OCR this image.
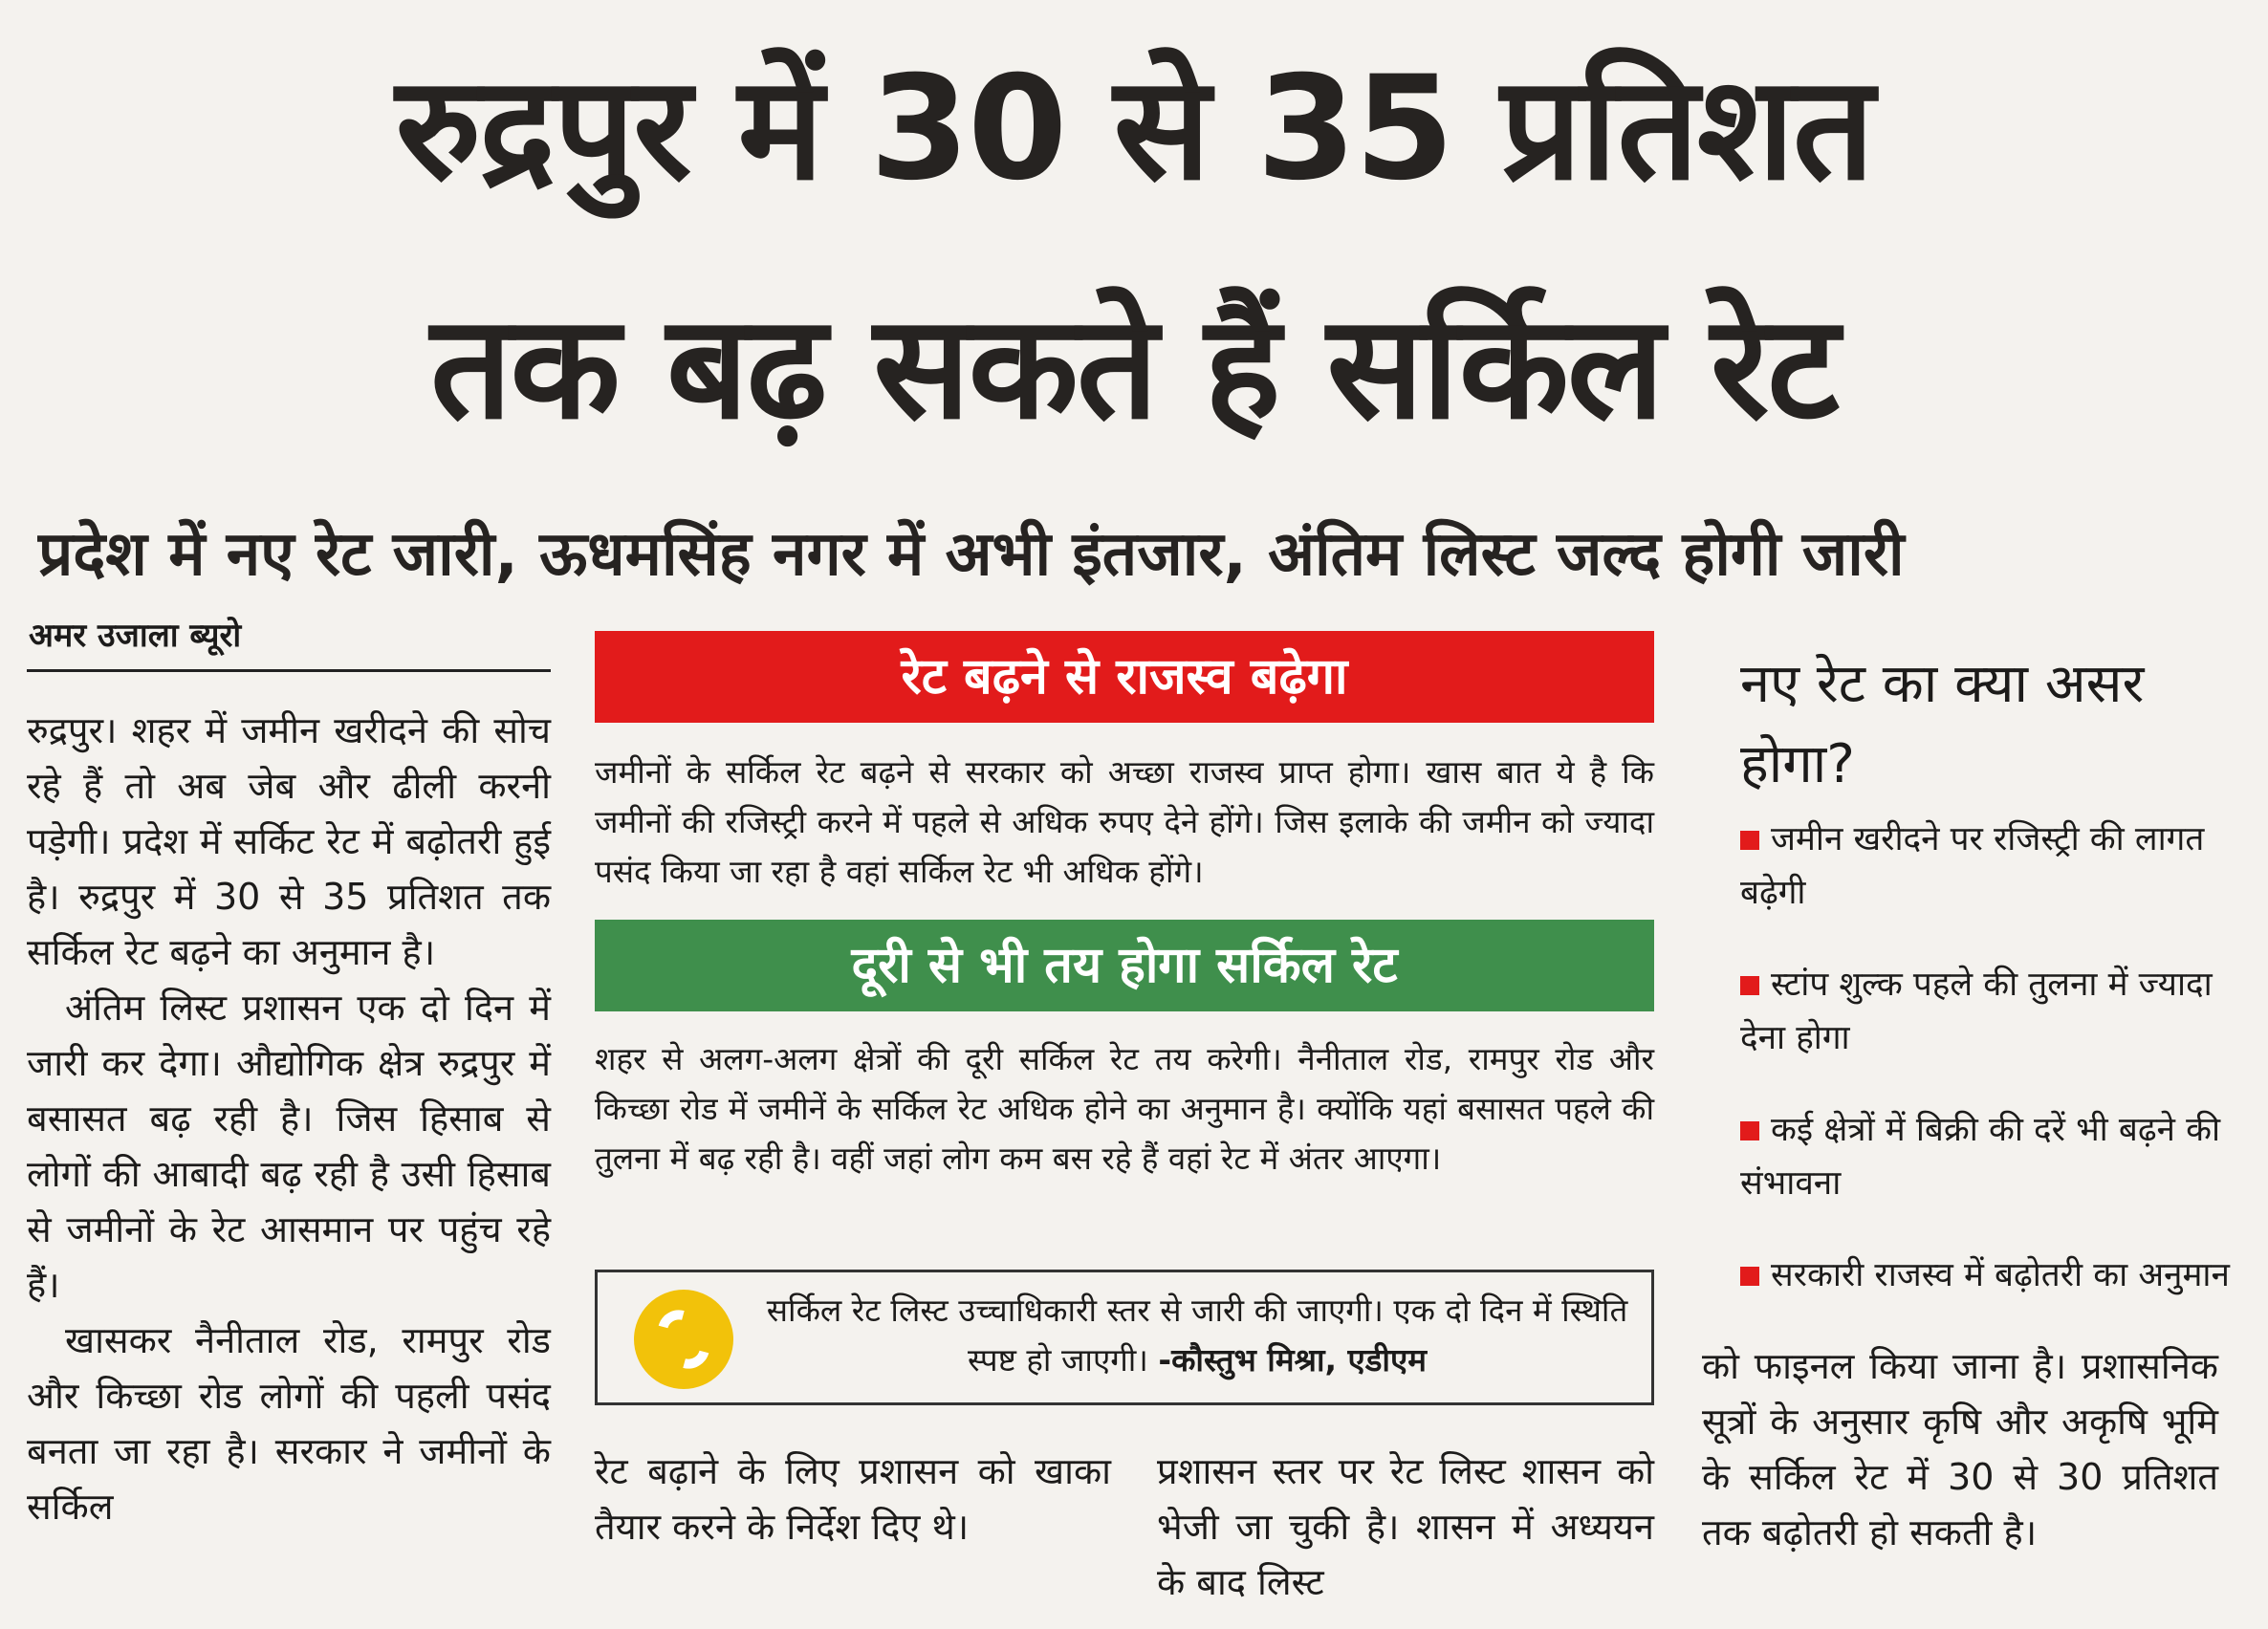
रुद्रपुर में 30 से 35 प्रतिशत
तक बढ़ सकते हैं सर्किल रेट
प्रदेश में नए रेट जारी, ऊधमसिंह नगर में अभी इंतजार, अंतिम लिस्ट जल्द होगी जारी
अमर उजाला ब्यूरो

रुद्रपुर। शहर में जमीन खरीदने की सोच रहे हैं तो अब जेब और ढीली करनी पड़ेगी। प्रदेश में सर्किट रेट में बढ़ोतरी हुई है। रुद्रपुर में 30 से 35 प्रतिशत तक सर्किल रेट बढ़ने का अनुमान है।

अंतिम लिस्ट प्रशासन एक दो दिन में जारी कर देगा। औद्योगिक क्षेत्र रुद्रपुर में बसासत बढ़ रही है। जिस हिसाब से लोगों की आबादी बढ़ रही है उसी हिसाब से जमीनों के रेट आसमान पर पहुंच रहे हैं।

खासकर नैनीताल रोड, रामपुर रोड और किच्छा रोड लोगों की पहली पसंद बनता जा रहा है। सरकार ने जमीनों के सर्किल

रेट बढ़ने से राजस्व बढ़ेगा
जमीनों के सर्किल रेट बढ़ने से सरकार को अच्छा राजस्व प्राप्त होगा। खास बात ये है कि जमीनों की रजिस्ट्री करने में पहले से अधिक रुपए देने होंगे। जिस इलाके की जमीन को ज्यादा पसंद किया जा रहा है वहां सर्किल रेट भी अधिक होंगे।
दूरी से भी तय होगा सर्किल रेट
शहर से अलग-अलग क्षेत्रों की दूरी सर्किल रेट तय करेगी। नैनीताल रोड, रामपुर रोड और किच्छा रोड में जमीनें के सर्किल रेट अधिक होने का अनुमान है। क्योंकि यहां बसासत पहले की तुलना में बढ़ रही है। वहीं जहां लोग कम बस रहे हैं वहां रेट में अंतर आएगा।
सर्किल रेट लिस्ट उच्चाधिकारी स्तर से जारी की जाएगी। एक दो दिन में स्थिति स्पष्ट हो जाएगी। -कौस्तुभ मिश्रा, एडीएम
नए रेट का क्या असर होगा?
जमीन खरीदने पर रजिस्ट्री की लागत बढ़ेगी
स्टांप शुल्क पहले की तुलना में ज्यादा देना होगा
कई क्षेत्रों में बिक्री की दरें भी बढ़ने की संभावना
सरकारी राजस्व में बढ़ोतरी का अनुमान
रेट बढ़ाने के लिए प्रशासन को खाका तैयार करने के निर्देश दिए थे।
प्रशासन स्तर पर रेट लिस्ट शासन को भेजी जा चुकी है। शासन में अध्ययन के बाद लिस्ट
को फाइनल किया जाना है। प्रशासनिक सूत्रों के अनुसार कृषि और अकृषि भूमि के सर्किल रेट में 30 से 30 प्रतिशत तक बढ़ोतरी हो सकती है।
